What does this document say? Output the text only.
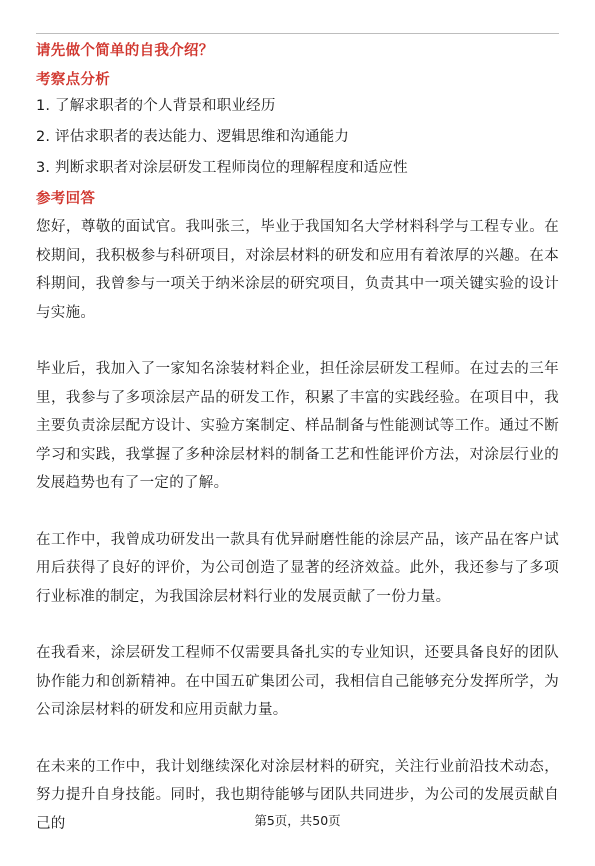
请先做个简单的自我介绍？
考察点分析
1. 了解求职者的个人背景和职业经历
2. 评估求职者的表达能力、逻辑思维和沟通能力
3. 判断求职者对涂层研发工程师岗位的理解程度和适应性
参考回答

您好，尊敬的面试官。我叫张三，毕业于我国知名大学材料科学与工程专业。在校期间，我积极参与科研项目，对涂层材料的研发和应用有着浓厚的兴趣。在本科期间，我曾参与一项关于纳米涂层的研究项目，负责其中一项关键实验的设计与实施。

毕业后，我加入了一家知名涂装材料企业，担任涂层研发工程师。在过去的三年里，我参与了多项涂层产品的研发工作，积累了丰富的实践经验。在项目中，我主要负责涂层配方设计、实验方案制定、样品制备与性能测试等工作。通过不断学习和实践，我掌握了多种涂层材料的制备工艺和性能评价方法，对涂层行业的发展趋势也有了一定的了解。

在工作中，我曾成功研发出一款具有优异耐磨性能的涂层产品，该产品在客户试用后获得了良好的评价，为公司创造了显著的经济效益。此外，我还参与了多项行业标准的制定，为我国涂层材料行业的发展贡献了一份力量。

在我看来，涂层研发工程师不仅需要具备扎实的专业知识，还要具备良好的团队协作能力和创新精神。在中国五矿集团公司，我相信自己能够充分发挥所学，为公司涂层材料的研发和应用贡献力量。

在未来的工作中，我计划继续深化对涂层材料的研究，关注行业前沿技术动态，努力提升自身技能。同时，我也期待能够与团队共同进步，为公司的发展贡献自己的	第5页，共50页
